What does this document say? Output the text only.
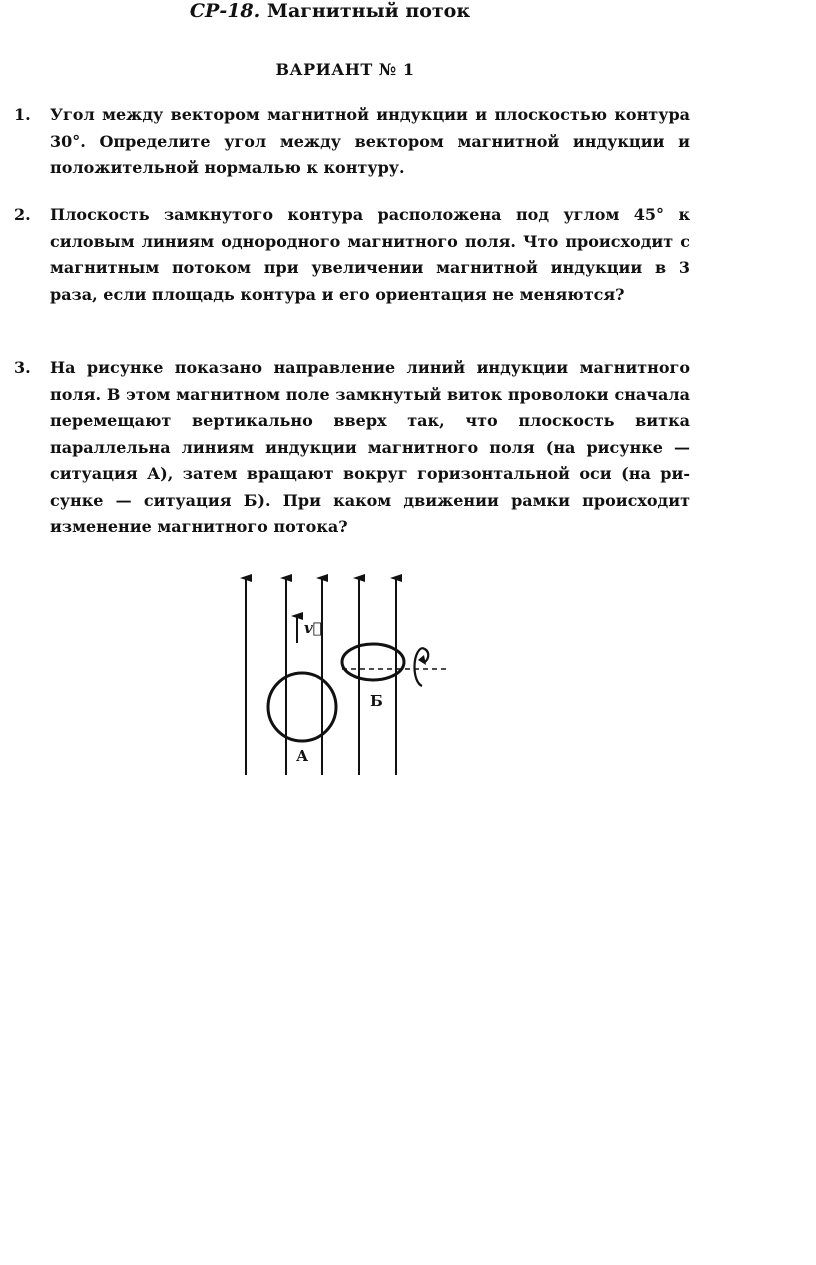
СР-18. Магнитный поток
ВАРИАНТ № 1
1. Угол между вектором магнитной индукции и плоскостью контура 30°. Определите угол между вектором магнитной индукции и положительной нормалью к контуру.
2. Плоскость замкнутого контура расположена под углом 45° к силовым линиям однородного магнитного поля. Что происходит с магнитным потоком при увеличении магнитной индукции в 3 раза, если площадь контура и его ориентация не меняются?
3. На рисунке показано направление линий индукции магнитного поля. В этом магнитном поле замкнутый виток проволоки сначала перемещают вертикально вверх так, что плоскость витка параллельна линиям индукции магнитного поля (на рисунке — ситуация А), затем вращают вокруг горизонтальной оси (на рисунке — ситуация Б). При каком движении рамки происходит изменение магнитного потока?
v⃗
А
Б
